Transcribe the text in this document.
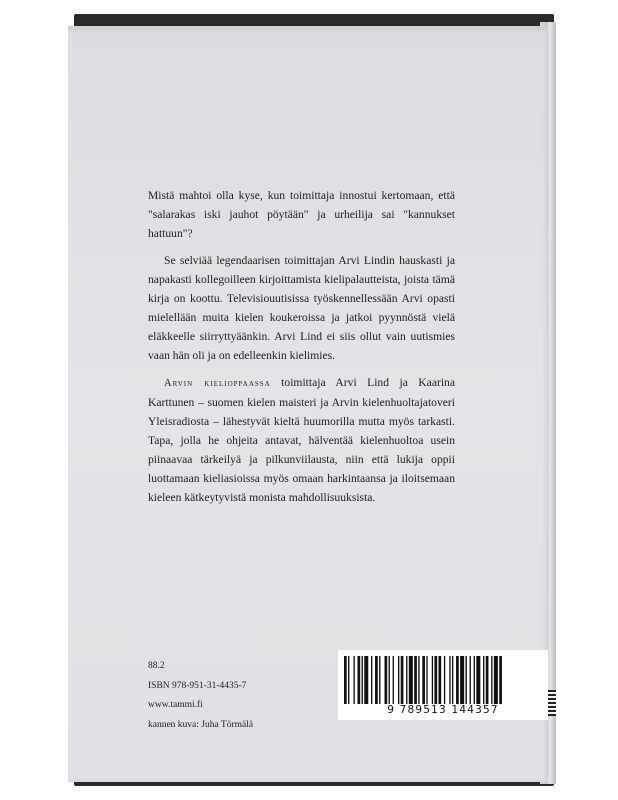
Mistä mahtoi olla kyse, kun toimittaja innostui kertomaan, että "salarakas iski jauhot pöytään" ja urheilija sai "kannukset hattuun"?

Se selviää legendaarisen toimittajan Arvi Lindin hauskasti ja napakasti kollegoilleen kirjoittamista kielipalautteista, joista tämä kirja on koottu. Televisiouutisissa työskennellessään Arvi opasti mielellään muita kielen koukeroissa ja jatkoi pyynnöstä vielä eläkkeelle siirryttyäänkin. Arvi Lind ei siis ollut vain uutismies vaan hän oli ja on edelleenkin kielimies.

Arvin kielioppaassa toimittaja Arvi Lind ja Kaarina Karttunen – suomen kielen maisteri ja Arvin kielenhuoltajatoveri Yleisradiosta – lähestyvät kieltä huumorilla mutta myös tarkasti. Tapa, jolla he ohjeita antavat, hälventää kielenhuoltoa usein piinaavaa tärkeilyä ja pilkunviilausta, niin että lukija oppii luottamaan kieliasioissa myös omaan harkintaansa ja iloitsemaan kieleen kätkeytyvistä monista mahdollisuuksista.

88.2
ISBN 978-951-31-4435-7
www.tammi.fi
kannen kuva: Juha Törmälä
9 789513 144357
